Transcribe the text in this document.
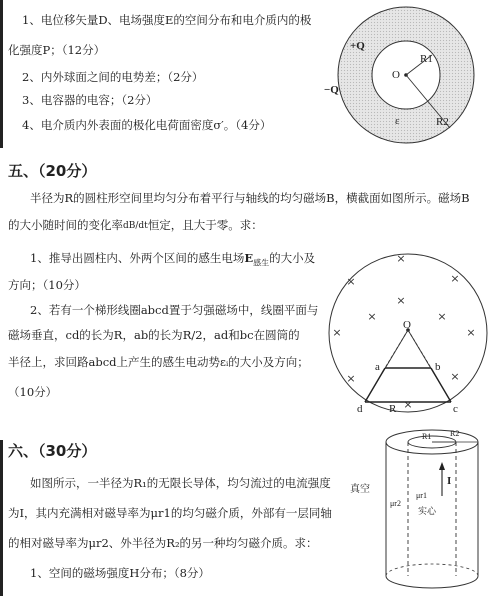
1、电位移矢量D、电场强度E的空间分布和电介质内的极
化强度P；（12分）
2、内外球面之间的电势差；（2分）
3、电容器的电容；（2分）
4、电介质内外表面的极化电荷面密度σ′。（4分）
+Q
−Q
O
R1
ε	R2
五、（20分）
半径为R的圆柱形空间里均匀分布着平行与轴线的均匀磁场B，横截面如图所示。磁场B
的大小随时间的变化率dB/dt恒定，且大于零。求：
1、推导出圆柱内、外两个区间的感生电场$E_{感生}$的大小及
方向；（10分）
2、若有一个梯形线圈abcd置于匀强磁场中，线圈平面与
磁场垂直，cd的长为R，ab的长为R/2，ad和bc在圆筒的
半径上，求回路abcd上产生的感生电动势εᵢ的大小及方向；
（10分）
×
×	×
×
×	×
×	×
×	×
×
O
a	b
d	c
R
六、（30分）
如图所示，一半径为R₁的无限长导体，均匀流过的电流强度
为I，其内充满相对磁导率为μr1的均匀磁介质，外部有一层同轴
的相对磁导率为μr2、外半径为R₂的另一种均匀磁介质。求：
1、空间的磁场强度H分布；（8分）
真空
R1 R2
I
μr1
μr2
实心
